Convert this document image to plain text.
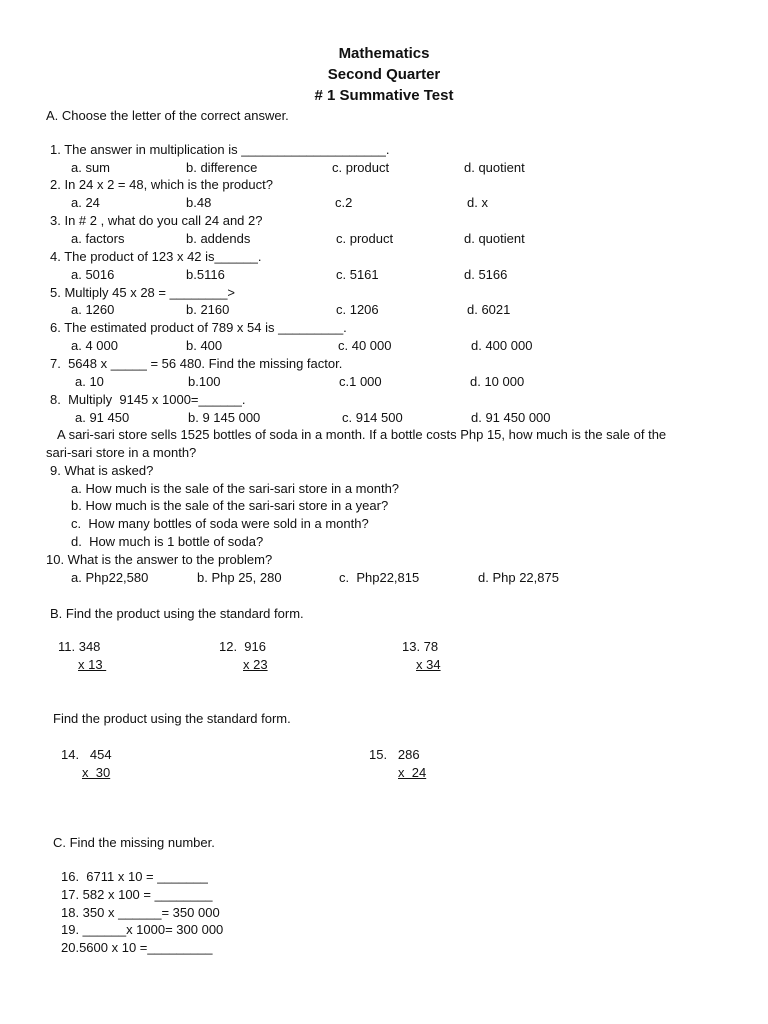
Mathematics
Second Quarter
# 1 Summative Test
A. Choose the letter of the correct answer.
1. The answer in multiplication is ____________________.
a. sum	b. difference	c. product	d. quotient
2. In 24 x 2 = 48, which is the product?
a. 24	b.48	c.2	d. x
3. In # 2 , what do you call 24 and 2?
a. factors	b. addends	c. product	d. quotient
4. The product of 123 x 42 is______.
a. 5016	b.5116	c. 5161	d. 5166
5. Multiply 45 x 28 = ________>
a. 1260	b. 2160	c. 1206	d. 6021
6. The estimated product of 789 x 54 is _________.
a. 4 000	b. 400	c. 40 000	d. 400 000
7.  5648 x _____ = 56 480. Find the missing factor.
a. 10	b.100	c.1 000	d. 10 000
8.  Multiply  9145 x 1000=______.
a. 91 450	b. 9 145 000	c. 914 500	d. 91 450 000
A sari-sari store sells 1525 bottles of soda in a month. If a bottle costs Php 15, how much is the sale of the
sari-sari store in a month?
9. What is asked?
a. How much is the sale of the sari-sari store in a month?
b. How much is the sale of the sari-sari store in a year?
c.  How many bottles of soda were sold in a month?
d.  How much is 1 bottle of soda?
10. What is the answer to the problem?
a. Php22,580	b. Php 25, 280	c.  Php22,815	d. Php 22,875
B. Find the product using the standard form.
11. 348
x 13
12.  916
x 23
13. 78
x 34
Find the product using the standard form.
14.   454
x  30
15.   286
x  24
C. Find the missing number.
16.  6711 x 10 = _______
17. 582 x 100 = ________
18. 350 x ______= 350 000
19. ______x 1000= 300 000
20.5600 x 10 =_________
